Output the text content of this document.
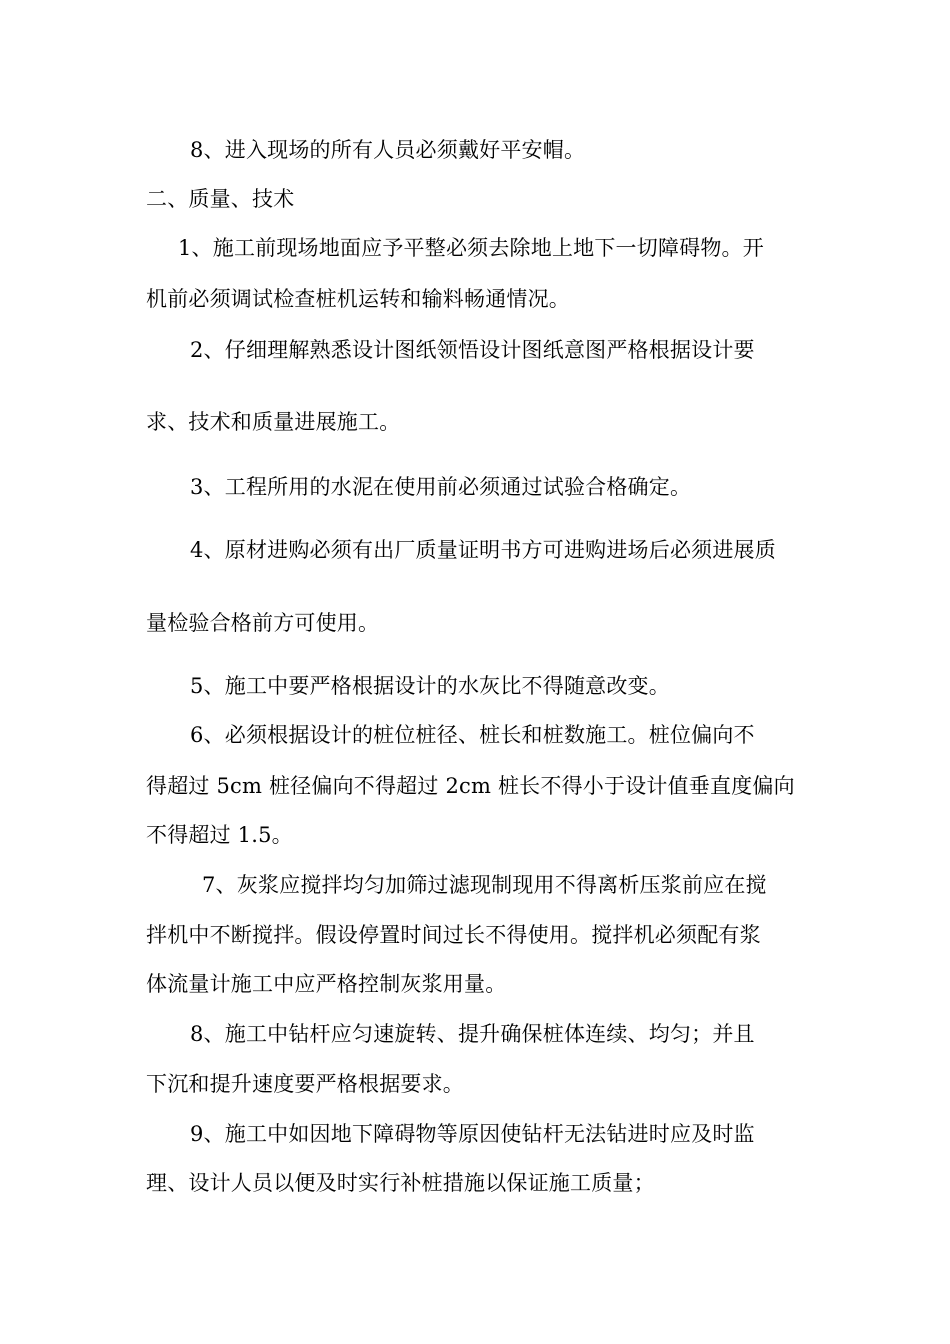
8、进入现场的所有人员必须戴好平安帽。
二、质量、技术
1、施工前现场地面应予平整必须去除地上地下一切障碍物。开
机前必须调试检查桩机运转和输料畅通情况。
2、仔细理解熟悉设计图纸领悟设计图纸意图严格根据设计要
求、技术和质量进展施工。
3、工程所用的水泥在使用前必须通过试验合格确定。
4、原材进购必须有出厂质量证明书方可进购进场后必须进展质
量检验合格前方可使用。
5、施工中要严格根据设计的水灰比不得随意改变。
6、必须根据设计的桩位桩径、桩长和桩数施工。桩位偏向不
得超过 5cm 桩径偏向不得超过 2cm 桩长不得小于设计值垂直度偏向
不得超过 1.5。
7、灰浆应搅拌均匀加筛过滤现制现用不得离析压浆前应在搅
拌机中不断搅拌。假设停置时间过长不得使用。搅拌机必须配有浆
体流量计施工中应严格控制灰浆用量。
8、施工中钻杆应匀速旋转、提升确保桩体连续、均匀；并且
下沉和提升速度要严格根据要求。
9、施工中如因地下障碍物等原因使钻杆无法钻进时应及时监
理、设计人员以便及时实行补桩措施以保证施工质量；
